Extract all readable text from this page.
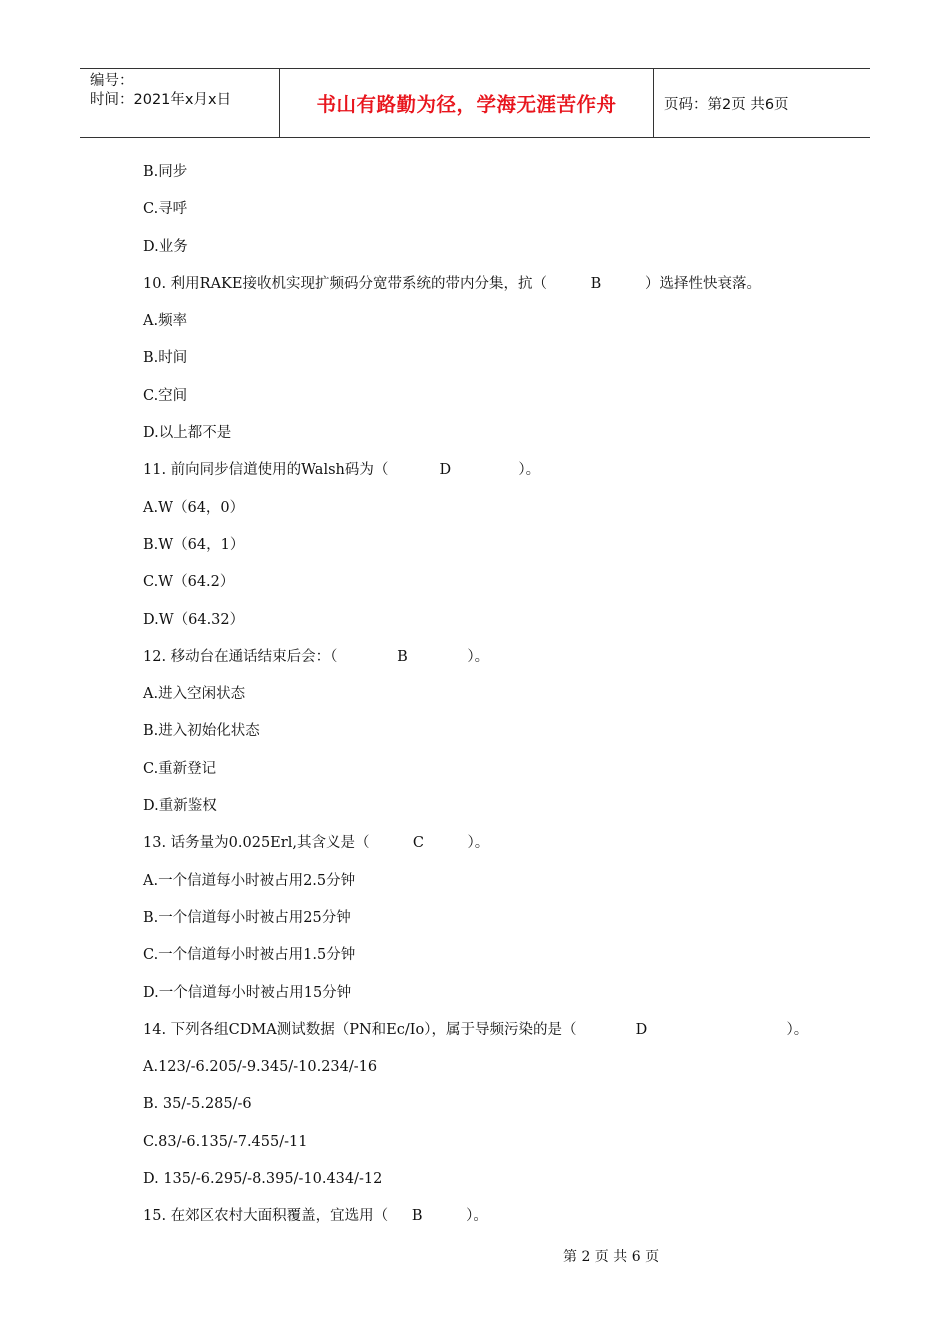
编号：
时间：2021年x月x日	书山有路勤为径，学海无涯苦作舟	页码：第2页 共6页
B.同步
C.寻呼
D.业务
10. 利用RAKE接收机实现扩频码分宽带系统的带内分集，抗（	B	）选择性快衰落。
A.频率
B.时间
C.空间
D.以上都不是
11. 前向同步信道使用的Walsh码为（	D	）。
A.W（64，0）
B.W（64，1）
C.W（64.2）
D.W（64.32）
12. 移动台在通话结束后会：（	B	）。
A.进入空闲状态
B.进入初始化状态
C.重新登记
D.重新鉴权
13. 话务量为0.025Erl,其含义是（	C	）。
A.一个信道每小时被占用2.5分钟
B.一个信道每小时被占用25分钟
C.一个信道每小时被占用1.5分钟
D.一个信道每小时被占用15分钟
14. 下列各组CDMA测试数据（PN和Ec/Io），属于导频污染的是（	D	）。
A.123/-6.205/-9.345/-10.234/-16
B. 35/-5.285/-6
C.83/-6.135/-7.455/-11
D. 135/-6.295/-8.395/-10.434/-12
15. 在郊区农村大面积覆盖，宜选用（ B	）。
第 2 页 共 6 页
